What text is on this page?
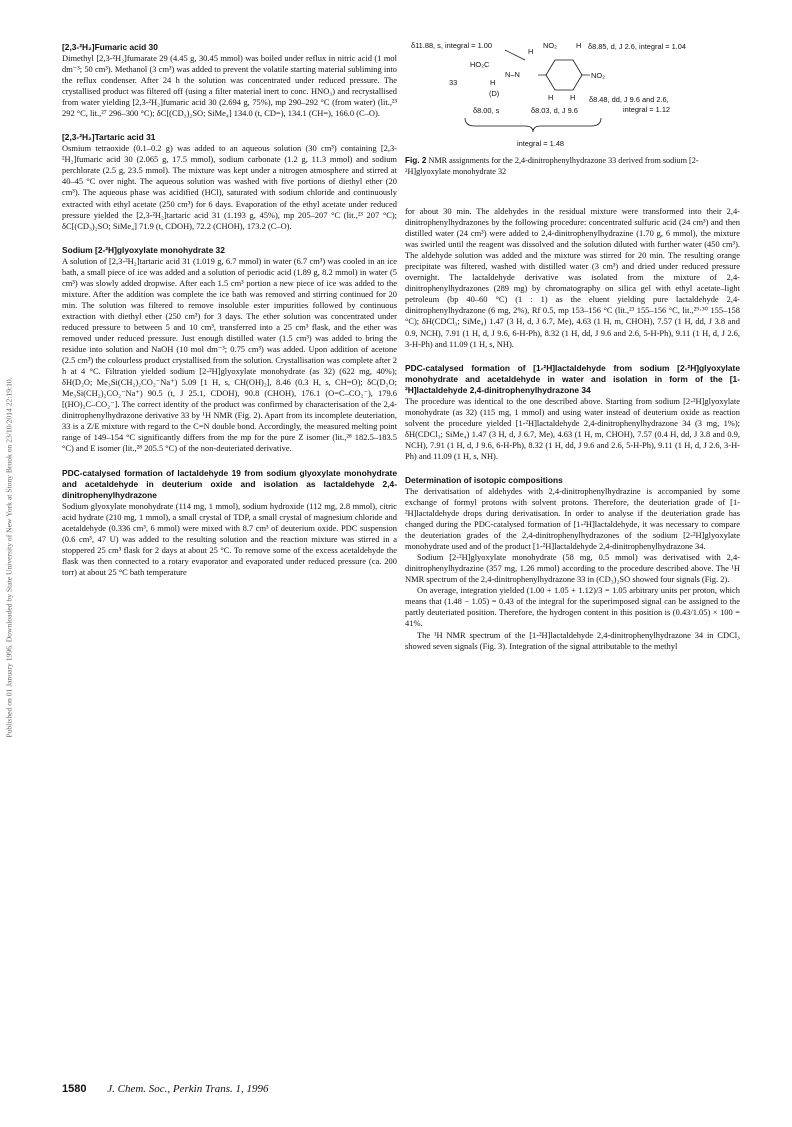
Published on 01 January 1996. Downloaded by State University of New York at Stony Brook on 23/10/2014 22:19:10.

[2,3-²H₂]Fumaric acid 30

Dimethyl [2,3-²H₂]fumarate 29 (4.45 g, 30.45 mmol) was boiled under reflux in nitric acid (1 mol dm⁻³; 50 cm³). Methanol (3 cm³) was added to prevent the volatile starting material subliming into the reflux condenser. After 24 h the solution was concentrated under reduced pressure. The crystallised product was filtered off (using a filter material inert to conc. HNO₃) and recrystallised from water yielding [2,3-²H₂]fumaric acid 30 (2.694 g, 75%), mp 290–292 °C (from water) (lit.,²³ 292 °C, lit.,²⁷ 296–300 °C); δC[(CD₃)₂SO; SiMe₄] 134.0 (t, CD=), 134.1 (CH=), 166.0 (C–O).

[2,3-²H₂]Tartaric acid 31

Osmium tetraoxide (0.1–0.2 g) was added to an aqueous solution (30 cm³) containing [2,3-²H₂]fumaric acid 30 (2.065 g, 17.5 mmol), sodium carbonate (1.2 g, 11.3 mmol) and sodium perchlorate (2.5 g, 23.5 mmol). The mixture was kept under a nitrogen atmosphere and stirred at 40–45 °C over night. The aqueous solution was washed with five portions of diethyl ether (20 cm³). The aqueous phase was acidified (HCl), saturated with sodium chloride and continuously extracted with ethyl acetate (250 cm³) for 6 days. Evaporation of the ethyl acetate under reduced pressure yielded the [2,3-²H₂]tartaric acid 31 (1.193 g, 45%), mp 205–207 °C (lit.,²³ 207 °C); δC[(CD₃)₂SO; SiMe₄] 71.9 (t, CDOH), 72.2 (CHOH), 173.2 (C–O).

Sodium [2-²H]glyoxylate monohydrate 32

A solution of [2,3-²H₂]tartaric acid 31 (1.019 g, 6.7 mmol) in water (6.7 cm³) was cooled in an ice bath, a small piece of ice was added and a solution of periodic acid (1.89 g, 8.2 mmol) in water (5 cm³) was slowly added dropwise. After each 1.5 cm³ portion a new piece of ice was added to the mixture. After the addition was complete the ice bath was removed and stirring continued for 20 min. The solution was filtered to remove insoluble ester impurities followed by continuous extraction with diethyl ether (250 cm³) for 3 days. The ether solution was concentrated under reduced pressure to between 5 and 10 cm³, transferred into a 25 cm³ flask, and the ether was removed under reduced pressure. Just enough distilled water (1.5 cm³) was added to bring the residue into solution and NaOH (10 mol dm⁻³; 0.75 cm³) was added. Upon addition of acetone (2.5 cm³) the colourless product crystallised from the solution. Crystallisation was complete after 2 h at 4 °C. Filtration yielded sodium [2-²H]glyoxylate monohydrate (as 32) (622 mg, 40%); δH(D₂O; Me₃Si(CH₂)₂CO₂⁻Na⁺) 5.09 [1 H, s, CH(OH)₂], 8.46 (0.3 H, s, CH=O); δC(D₂O; Me₃Si(CH₂)₂CO₂⁻Na⁺) 90.5 (t, J 25.1, CDOH), 90.8 (CHOH), 176.1 (O=C–CO₂⁻), 179.6 [(HO)₂C–CO₂⁻]. The correct identity of the product was confirmed by characterisation of the 2,4-dinitrophenylhydrazone derivative 33 by ¹H NMR (Fig. 2). Apart from its incomplete deuteriation, 33 is a Z/E mixture with regard to the C=N double bond. Accordingly, the measured melting point range of 149–154 °C significantly differs from the mp for the pure Z isomer (lit.,²⁸ 182.5–183.5 °C) and E isomer (lit.,²⁸ 205.5 °C) of the non-deuteriated derivative.

PDC-catalysed formation of lactaldehyde 19 from sodium glyoxylate monohydrate and acetaldehyde in deuterium oxide and isolation as lactaldehyde 2,4-dinitrophenylhydrazone

Sodium glyoxylate monohydrate (114 mg, 1 mmol), sodium hydroxide (112 mg, 2.8 mmol), citric acid hydrate (210 mg, 1 mmol), a small crystal of TDP, a small crystal of magnesium chloride and acetaldehyde (0.336 cm³, 6 mmol) were mixed with 8.7 cm³ of deuterium oxide. PDC suspension (0.6 cm³, 47 U) was added to the resulting solution and the reaction mixture was stirred in a stoppered 25 cm³ flask for 2 days at about 25 °C. To remove some of the excess acetaldehyde the flask was then connected to a rotary evaporator and evaporated under reduced pressure (ca. 200 torr) at about 25 °C bath temperature

δ11.88, s, integral = 1.00
H
NO₂	H δ8.85, d, J 2.6, integral = 1.04
HO₂C
N–N
33	H
(D)
NO₂
H H δ8.48, dd, J 9.6 and 2.6,
integral = 1.12
δ8.00, s	δ8.03, d, J 9.6
integral = 1.48
Fig. 2 NMR assignments for the 2,4-dinitrophenylhydrazone 33 derived from sodium [2-²H]glyoxylate monohydrate 32

for about 30 min. The aldehydes in the residual mixture were transformed into their 2,4-dinitrophenylhydrazones by the following procedure: concentrated sulfuric acid (24 cm³) and then distilled water (24 cm³) were added to 2,4-dinitrophenylhydrazine (1.70 g, 6 mmol), the mixture was swirled until the reagent was dissolved and the solution diluted with further water (450 cm³). The aldehyde solution was added and the mixture was stirred for 20 min. The resulting orange precipitate was filtered, washed with distilled water (3 cm³) and dried under reduced pressure overnight. The lactaldehyde derivative was isolated from the mixture of 2,4-dinitrophenylhydrazones (289 mg) by chromatography on silica gel with ethyl acetate–light petroleum (bp 40–60 °C) (1 : 1) as the eluent yielding pure lactaldehyde 2,4-dinitrophenylhydrazone (6 mg, 2%), Rf 0.5, mp 153–156 °C (lit.,²³ 155–156 °C, lit.,²⁹·³⁰ 155–158 °C); δH(CDCl₃; SiMe₄) 1.47 (3 H, d, J 6.7, Me), 4.63 (1 H, m, CHOH), 7.57 (1 H, dd, J 3.8 and 0.9, NCH), 7.91 (1 H, d, J 9.6, 6-H-Ph), 8.32 (1 H, dd, J 9.6 and 2.6, 5-H-Ph), 9.11 (1 H, d, J 2.6, 3-H-Ph) and 11.09 (1 H, s, NH).

PDC-catalysed formation of [1-²H]lactaldehyde from sodium [2-²H]glyoxylate monohydrate and acetaldehyde in water and isolation in form of the [1-²H]lactaldehyde 2,4-dinitrophenylhydrazone 34

The procedure was identical to the one described above. Starting from sodium [2-²H]glyoxylate monohydrate (as 32) (115 mg, 1 mmol) and using water instead of deuterium oxide as reaction solvent the procedure yielded [1-²H]lactaldehyde 2,4-dinitrophenylhydrazone 34 (3 mg, 1%); δH(CDCl₃; SiMe₄) 1.47 (3 H, d, J 6.7, Me), 4.63 (1 H, m, CHOH), 7.57 (0.4 H, dd, J 3.8 and 0.9, NCH), 7.91 (1 H, d, J 9.6, 6-H-Ph), 8.32 (1 H, dd, J 9.6 and 2.6, 5-H-Ph), 9.11 (1 H, d, J 2.6, 3-H-Ph) and 11.09 (1 H, s, NH).

Determination of isotopic compositions

The derivatisation of aldehydes with 2,4-dinitrophenylhydrazine is accompanied by some exchange of formyl protons with solvent protons. Therefore, the deuteriation grade of [1-²H]lactaldehyde drops during derivatisation. In order to analyse if the deuteriation grade has changed during the PDC-catalysed formation of [1-²H]lactaldehyde, it was necessary to compare the deuteriation grades of the 2,4-dinitrophenylhydrazones of the sodium [2-²H]glyoxylate monohydrate used and of the product [1-²H]lactaldehyde 2,4-dinitrophenylhydrazone 34.

Sodium [2-²H]glyoxylate monohydrate (58 mg, 0.5 mmol) was derivatised with 2,4-dinitrophenylhydrazine (357 mg, 1.26 mmol) according to the procedure described above. The ¹H NMR spectrum of the 2,4-dinitrophenylhydrazone 33 in (CD₃)₂SO showed four signals (Fig. 2).

On average, integration yielded (1.00 + 1.05 + 1.12)/3 = 1.05 arbitrary units per proton, which means that (1.48 − 1.05) = 0.43 of the integral for the superimposed signal can be assigned to the partly deuteriated position. Therefore, the hydrogen content in this position is (0.43/1.05) × 100 = 41%.

The ¹H NMR spectrum of the [1-²H]lactaldehyde 2,4-dinitrophenylhydrazone 34 in CDCl₃ showed seven signals (Fig. 3). Integration of the signal attributable to the methyl

1580 J. Chem. Soc., Perkin Trans. 1, 1996
